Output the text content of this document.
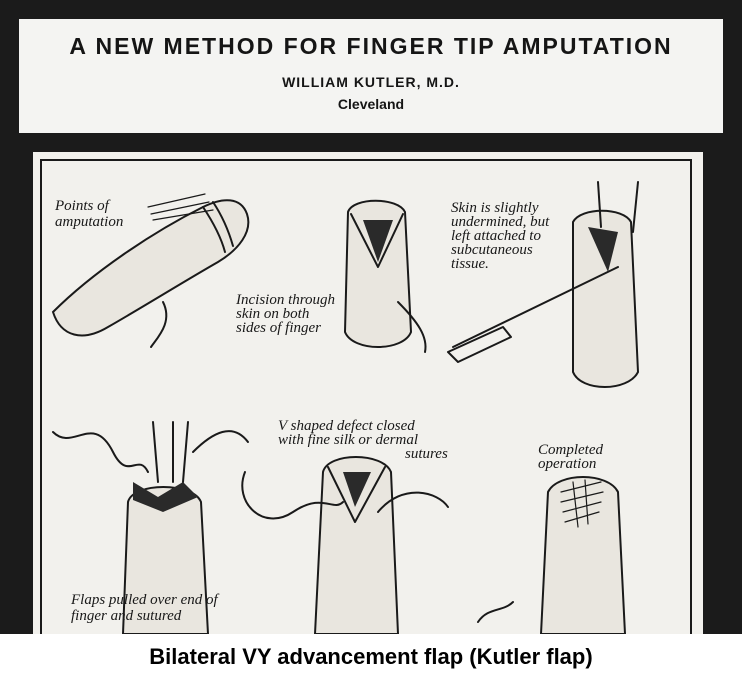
A NEW METHOD FOR FINGER TIP AMPUTATION
WILLIAM KUTLER, M.D.
Cleveland
Points of
amputation
Incision through
skin on both
sides of finger
Skin is slightly
undermined, but
left attached to
subcutaneous
tissue.
Flaps pulled over end of
finger and sutured
V shaped defect closed
with fine silk or dermal
sutures	Completed
operation
Bilateral VY advancement flap (Kutler flap)
